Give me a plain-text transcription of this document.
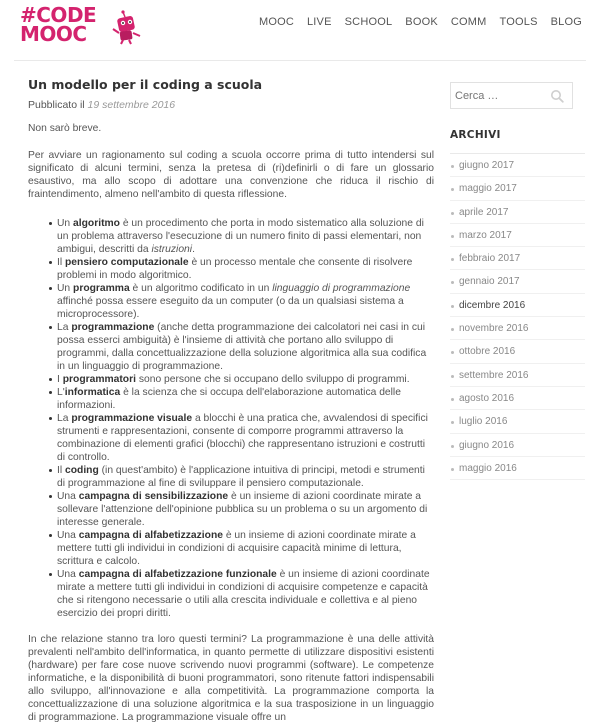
#CODE
MOOC	MOOC LIVE SCHOOL BOOK COMM TOOLS BLOG
Un modello per il coding a scuola
Pubblicato il 19 settembre 2016

Non sarò breve.

Per avviare un ragionamento sul coding a scuola occorre prima di tutto intendersi sul significato di alcuni termini, senza la pretesa di (ri)definirli o di fare un glossario esaustivo, ma allo scopo di adottare una convenzione che riduca il rischio di fraintendimento, almeno nell'ambito di questa riflessione.

Un algoritmo è un procedimento che porta in modo sistematico alla soluzione di un problema attraverso l'esecuzione di un numero finito di passi elementari, non ambigui, descritti da istruzioni.
Il pensiero computazionale è un processo mentale che consente di risolvere problemi in modo algoritmico.
Un programma è un algoritmo codificato in un linguaggio di programmazione affinché possa essere eseguito da un computer (o da un qualsiasi sistema a microprocessore).
La programmazione (anche detta programmazione dei calcolatori nei casi in cui possa esserci ambiguità) è l'insieme di attività che portano allo sviluppo di programmi, dalla concettualizzazione della soluzione algoritmica alla sua codifica in un linguaggio di programmazione.
I programmatori sono persone che si occupano dello sviluppo di programmi.
L'informatica è la scienza che si occupa dell'elaborazione automatica delle informazioni.
La programmazione visuale a blocchi è una pratica che, avvalendosi di specifici strumenti e rappresentazioni, consente di comporre programmi attraverso la combinazione di elementi grafici (blocchi) che rappresentano istruzioni e costrutti di controllo.
Il coding (in quest'ambito) è l'applicazione intuitiva di principi, metodi e strumenti di programmazione al fine di sviluppare il pensiero computazionale.
Una campagna di sensibilizzazione è un insieme di azioni coordinate mirate a sollevare l'attenzione dell'opinione pubblica su un problema o su un argomento di interesse generale.
Una campagna di alfabetizzazione è un insieme di azioni coordinate mirate a mettere tutti gli individui in condizioni di acquisire capacità minime di lettura, scrittura e calcolo.
Una campagna di alfabetizzazione funzionale è un insieme di azioni coordinate mirate a mettere tutti gli individui in condizioni di acquisire competenze e capacità che si ritengono necessarie o utili alla crescita individuale e collettiva e al pieno esercizio dei propri diritti.

In che relazione stanno tra loro questi termini? La programmazione è una delle attività prevalenti nell'ambito dell'informatica, in quanto permette di utilizzare dispositivi esistenti (hardware) per fare cose nuove scrivendo nuovi programmi (software). Le competenze informatiche, e la disponibilità di buoni programmatori, sono ritenute fattori indispensabili allo sviluppo, all'innovazione e alla competitività. La programmazione comporta la concettualizzazione di una soluzione algoritmica e la sua trasposizione in un linguaggio di programmazione. La programmazione visuale offre un

Cerca …
ARCHIVI
giugno 2017
maggio 2017
aprile 2017
marzo 2017
febbraio 2017
gennaio 2017
dicembre 2016
novembre 2016
ottobre 2016
settembre 2016
agosto 2016
luglio 2016
giugno 2016
maggio 2016
